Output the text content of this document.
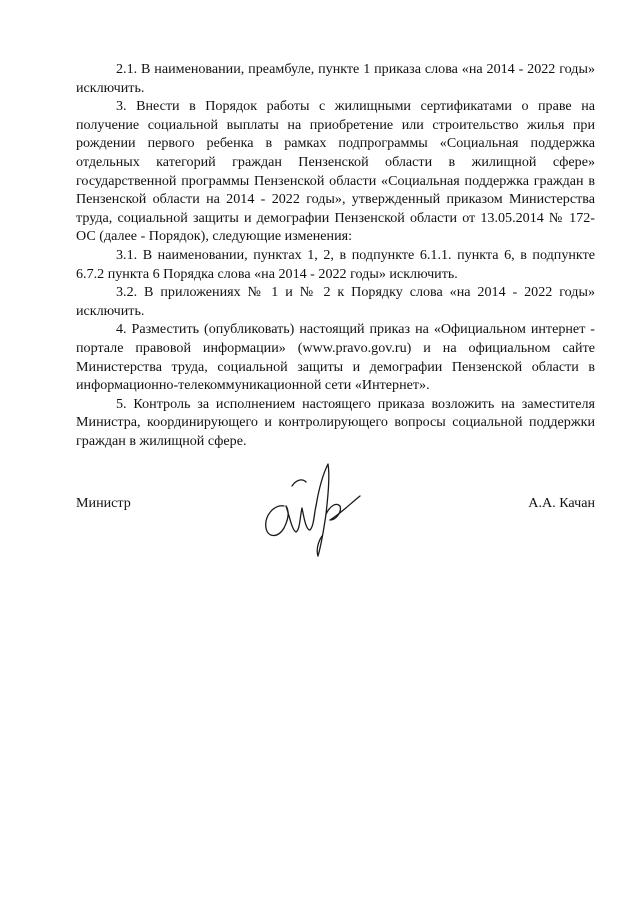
2.1. В наименовании, преамбуле, пункте 1 приказа слова «на 2014 - 2022 годы» исключить.

3. Внести в Порядок работы с жилищными сертификатами о праве на получение социальной выплаты на приобретение или строительство жилья при рождении первого ребенка в рамках подпрограммы «Социальная поддержка отдельных категорий граждан Пензенской области в жилищной сфере» государственной программы Пензенской области «Социальная поддержка граждан в Пензенской области на 2014 - 2022 годы», утвержденный приказом Министерства труда, социальной защиты и демографии Пензенской области от 13.05.2014 № 172-ОС (далее - Порядок), следующие изменения:

3.1. В наименовании, пунктах 1, 2, в подпункте 6.1.1. пункта 6, в подпункте 6.7.2 пункта 6 Порядка слова «на 2014 - 2022 годы» исключить.

3.2. В приложениях № 1 и № 2 к Порядку слова «на 2014 - 2022 годы» исключить.

4. Разместить (опубликовать) настоящий приказ на «Официальном интернет - портале правовой информации» (www.pravo.gov.ru) и на официальном сайте Министерства труда, социальной защиты и демографии Пензенской области в информационно-телекоммуникационной сети «Интернет».

5. Контроль за исполнением настоящего приказа возложить на заместителя Министра, координирующего и контролирующего вопросы социальной поддержки граждан в жилищной сфере.

Министр	А.А. Качан
